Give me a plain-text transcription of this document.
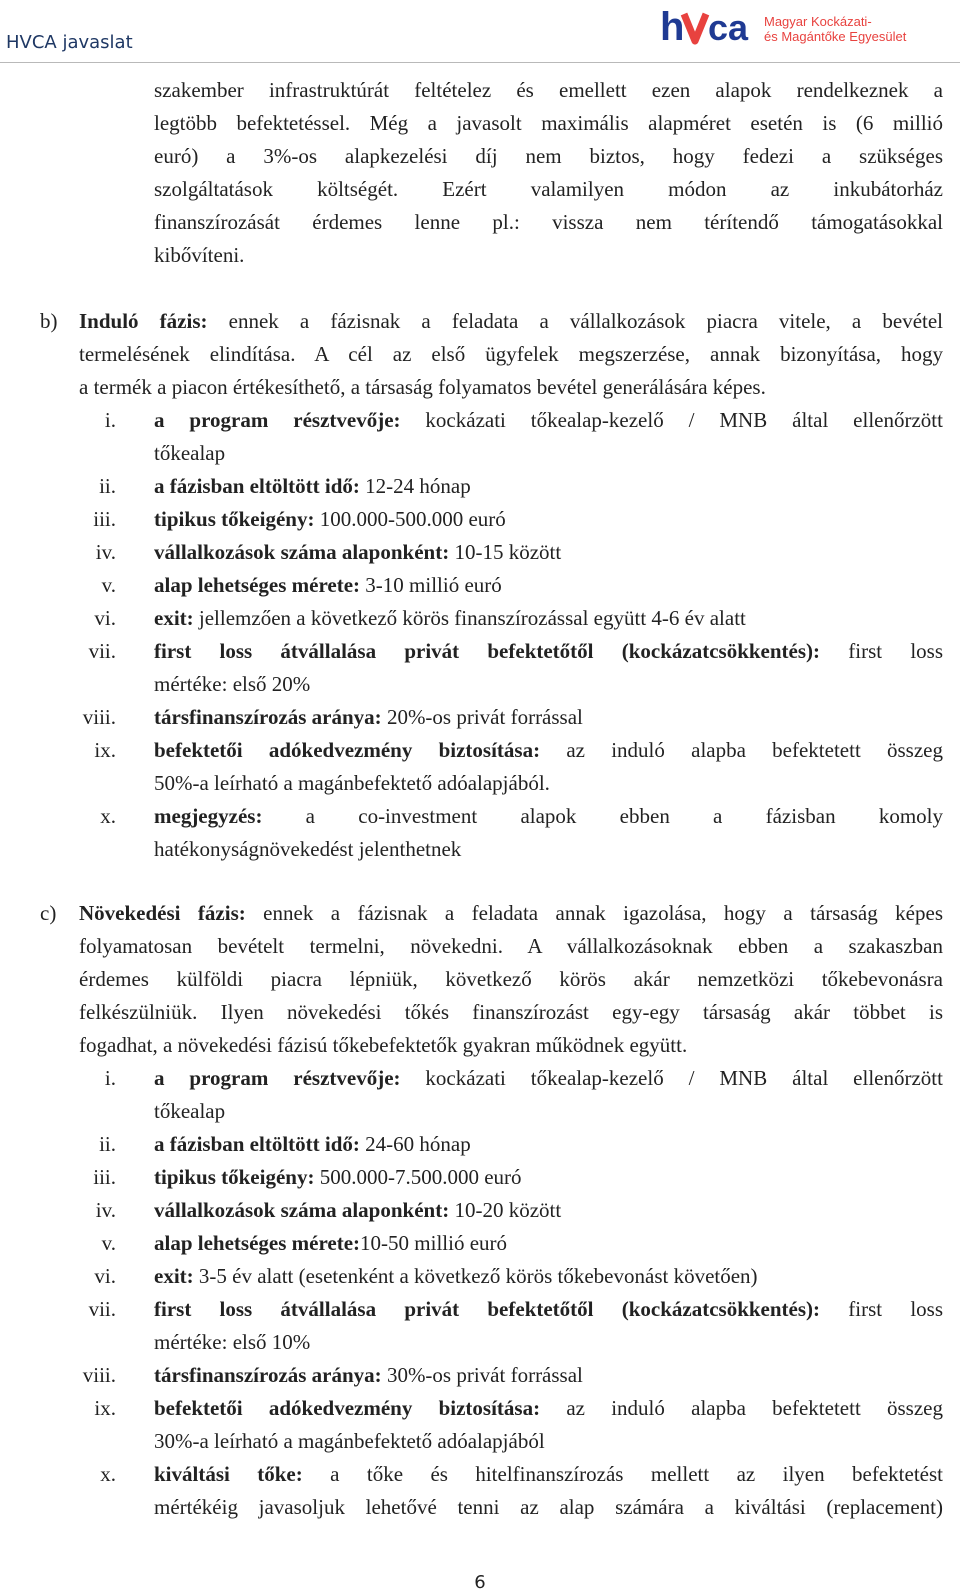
HVCA javaslat	h ca Magyar Kockázati-
és Magántőke Egyesület

szakember infrastruktúrát feltételez és emellett ezen alapok rendelkeznek a

legtöbb befektetéssel. Még a javasolt maximális alapméret esetén is (6 millió

euró) a 3%-os alapkezelési díj nem biztos, hogy fedezi a szükséges

szolgáltatások költségét. Ezért valamilyen módon az inkubátorház

finanszírozását érdemes lenne pl.: vissza nem térítendő támogatásokkal

kibővíteni.

b) Induló fázis: ennek a fázisnak a feladata a vállalkozások piacra vitele, a bevétel

termelésének elindítása. A cél az első ügyfelek megszerzése, annak bizonyítása, hogy

a termék a piacon értékesíthető, a társaság folyamatos bevétel generálására képes.

i. a program résztvevője: kockázati tőkealap-kezelő / MNB által ellenőrzött

tőkealap

ii. a fázisban eltöltött idő: 12-24 hónap

iii. tipikus tőkeigény: 100.000-500.000 euró

iv. vállalkozások száma alaponként: 10-15 között

v. alap lehetséges mérete: 3-10 millió euró

vi. exit: jellemzően a következő körös finanszírozással együtt 4-6 év alatt

vii. first loss átvállalása privát befektetőtől (kockázatcsökkentés): first loss

mértéke: első 20%

viii. társfinanszírozás aránya: 20%-os privát forrással

ix. befektetői adókedvezmény biztosítása: az induló alapba befektetett összeg

50%-a leírható a magánbefektető adóalapjából.

x. megjegyzés: a co-investment alapok ebben a fázisban komoly

hatékonyságnövekedést jelenthetnek

c) Növekedési fázis: ennek a fázisnak a feladata annak igazolása, hogy a társaság képes

folyamatosan bevételt termelni, növekedni. A vállalkozásoknak ebben a szakaszban

érdemes külföldi piacra lépniük, következő körös akár nemzetközi tőkebevonásra

felkészülniük. Ilyen növekedési tőkés finanszírozást egy-egy társaság akár többet is

fogadhat, a növekedési fázisú tőkebefektetők gyakran működnek együtt.

i. a program résztvevője: kockázati tőkealap-kezelő / MNB által ellenőrzött

tőkealap

ii. a fázisban eltöltött idő: 24-60 hónap

iii. tipikus tőkeigény: 500.000-7.500.000 euró

iv. vállalkozások száma alaponként: 10-20 között

v. alap lehetséges mérete:10-50 millió euró

vi. exit: 3-5 év alatt (esetenként a következő körös tőkebevonást követően)

vii. first loss átvállalása privát befektetőtől (kockázatcsökkentés): first loss

mértéke: első 10%

viii. társfinanszírozás aránya: 30%-os privát forrással

ix. befektetői adókedvezmény biztosítása: az induló alapba befektetett összeg

30%-a leírható a magánbefektető adóalapjából

x. kiváltási tőke: a tőke és hitelfinanszírozás mellett az ilyen befektetést

mértékéig javasoljuk lehetővé tenni az alap számára a kiváltási (replacement)

6
